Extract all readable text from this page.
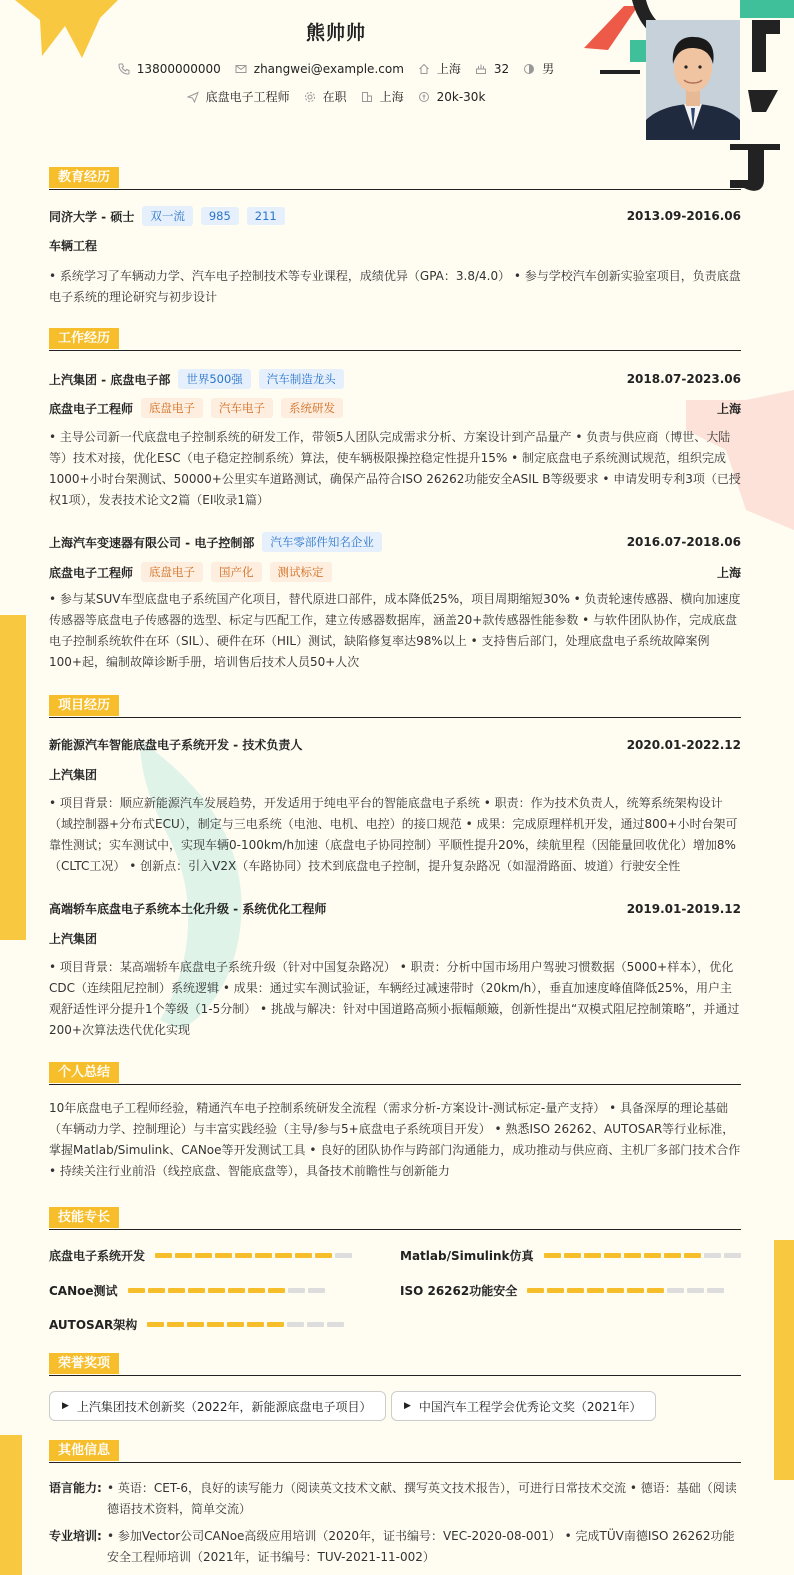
熊帅帅
13800000000	zhangwei@example.com	上海	32	男
底盘电子工程师	在职	上海	20k-30k
教育经历
同济大学 - 硕士	双一流	985	211	2013.09-2016.06
车辆工程

• 系统学习了车辆动力学、汽车电子控制技术等专业课程，成绩优异（GPA：3.8/4.0） • 参与学校汽车创新实验室项目，负责底盘电子系统的理论研究与初步设计

工作经历
上汽集团 - 底盘电子部	世界500强	汽车制造龙头	2018.07-2023.06
底盘电子工程师	底盘电子	汽车电子	系统研发	上海

• 主导公司新一代底盘电子控制系统的研发工作，带领5人团队完成需求分析、方案设计到产品量产 • 负责与供应商（博世、大陆等）技术对接，优化ESC（电子稳定控制系统）算法，使车辆极限操控稳定性提升15% • 制定底盘电子系统测试规范，组织完成1000+小时台架测试、50000+公里实车道路测试，确保产品符合ISO 26262功能安全ASIL B等级要求 • 申请发明专利3项（已授权1项），发表技术论文2篇（EI收录1篇）

上海汽车变速器有限公司 - 电子控制部	汽车零部件知名企业	2016.07-2018.06
底盘电子工程师	底盘电子	国产化	测试标定	上海

• 参与某SUV车型底盘电子系统国产化项目，替代原进口部件，成本降低25%，项目周期缩短30% • 负责轮速传感器、横向加速度传感器等底盘电子传感器的选型、标定与匹配工作，建立传感器数据库，涵盖20+款传感器性能参数 • 与软件团队协作，完成底盘电子控制系统软件在环（SIL）、硬件在环（HIL）测试，缺陷修复率达98%以上 • 支持售后部门，处理底盘电子系统故障案例100+起，编制故障诊断手册，培训售后技术人员50+人次

项目经历
新能源汽车智能底盘电子系统开发 - 技术负责人	2020.01-2022.12
上汽集团

• 项目背景：顺应新能源汽车发展趋势，开发适用于纯电平台的智能底盘电子系统 • 职责：作为技术负责人，统筹系统架构设计（域控制器+分布式ECU），制定与三电系统（电池、电机、电控）的接口规范 • 成果：完成原理样机开发，通过800+小时台架可靠性测试；实车测试中，实现车辆0-100km/h加速（底盘电子协同控制）平顺性提升20%，续航里程（因能量回收优化）增加8%（CLTC工况） • 创新点：引入V2X（车路协同）技术到底盘电子控制，提升复杂路况（如湿滑路面、坡道）行驶安全性

高端轿车底盘电子系统本土化升级 - 系统优化工程师	2019.01-2019.12
上汽集团

• 项目背景：某高端轿车底盘电子系统升级（针对中国复杂路况） • 职责：分析中国市场用户驾驶习惯数据（5000+样本），优化CDC（连续阻尼控制）系统逻辑 • 成果：通过实车测试验证，车辆经过减速带时（20km/h），垂直加速度峰值降低25%，用户主观舒适性评分提升1个等级（1-5分制） • 挑战与解决：针对中国道路高频小振幅颠簸，创新性提出“双模式阻尼控制策略”，并通过200+次算法迭代优化实现

个人总结

10年底盘电子工程师经验，精通汽车电子控制系统研发全流程（需求分析-方案设计-测试标定-量产支持） • 具备深厚的理论基础（车辆动力学、控制理论）与丰富实践经验（主导/参与5+底盘电子系统项目开发） • 熟悉ISO 26262、AUTOSAR等行业标准，掌握Matlab/Simulink、CANoe等开发测试工具 • 良好的团队协作与跨部门沟通能力，成功推动与供应商、主机厂多部门技术合作 • 持续关注行业前沿（线控底盘、智能底盘等），具备技术前瞻性与创新能力

技能专长
底盘电子系统开发	Matlab/Simulink仿真
CANoe测试	ISO 26262功能安全
AUTOSAR架构
荣誉奖项
▶ 上汽集团技术创新奖（2022年，新能源底盘电子项目）	▶ 中国汽车工程学会优秀论文奖（2021年）
其他信息
语言能力: • 英语：CET-6，良好的读写能力（阅读英文技术文献、撰写英文技术报告），可进行日常技术交流 • 德语：基础（阅读德语技术资料，简单交流）
专业培训: • 参加Vector公司CANoe高级应用培训（2020年，证书编号：VEC-2020-08-001） • 完成TÜV南德ISO 26262功能安全工程师培训（2021年，证书编号：TUV-2021-11-002）
